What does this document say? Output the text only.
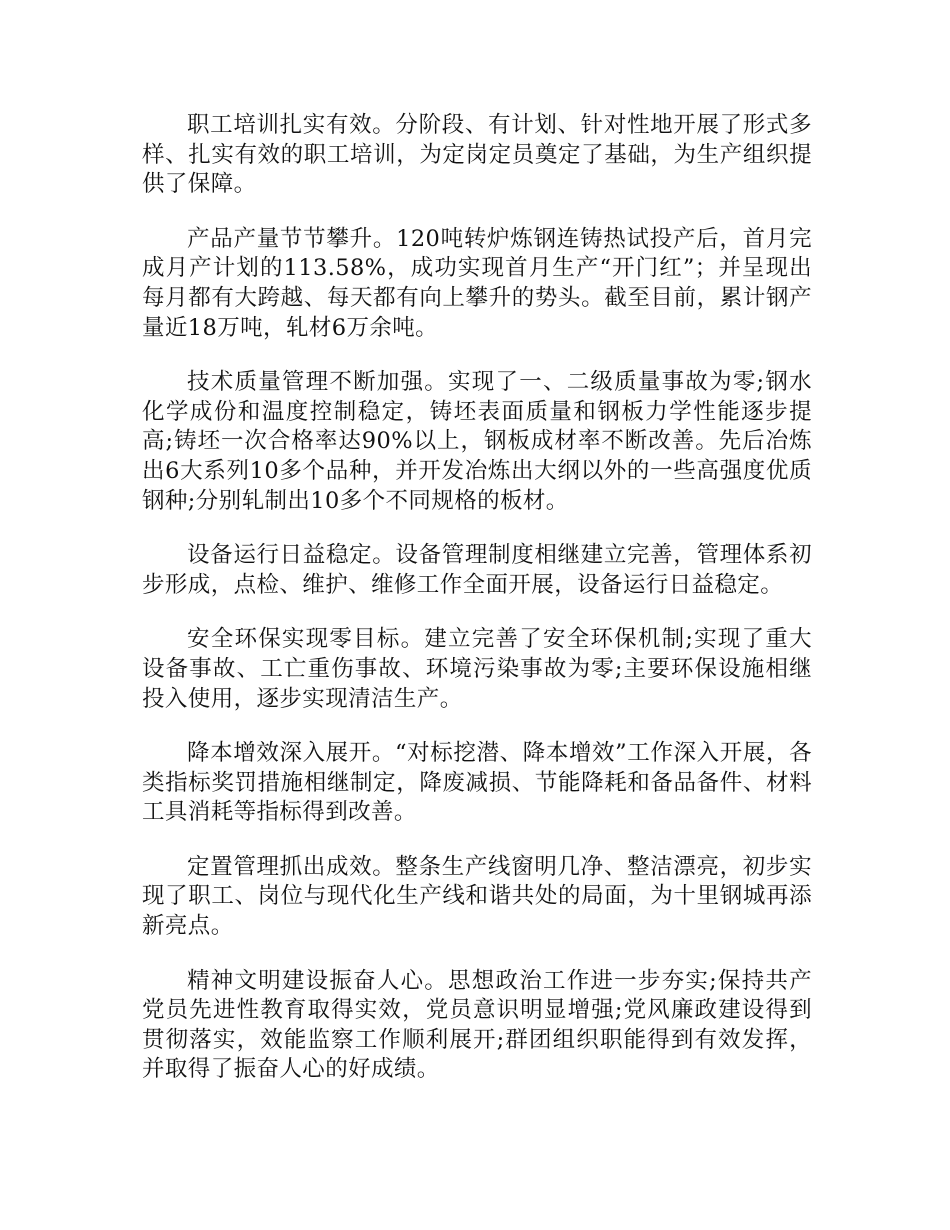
职工培训扎实有效。分阶段、有计划、针对性地开展了形式多样、扎实有效的职工培训，为定岗定员奠定了基础，为生产组织提供了保障。

产品产量节节攀升。120吨转炉炼钢连铸热试投产后，首月完成月产计划的113.58%，成功实现首月生产“开门红”；并呈现出每月都有大跨越、每天都有向上攀升的势头。截至目前，累计钢产量近18万吨，轧材6万余吨。

技术质量管理不断加强。实现了一、二级质量事故为零;钢水化学成份和温度控制稳定，铸坯表面质量和钢板力学性能逐步提高;铸坯一次合格率达90%以上，钢板成材率不断改善。先后冶炼出6大系列10多个品种，并开发冶炼出大纲以外的一些高强度优质钢种;分别轧制出10多个不同规格的板材。

设备运行日益稳定。设备管理制度相继建立完善，管理体系初步形成，点检、维护、维修工作全面开展，设备运行日益稳定。

安全环保实现零目标。建立完善了安全环保机制;实现了重大设备事故、工亡重伤事故、环境污染事故为零;主要环保设施相继投入使用，逐步实现清洁生产。

降本增效深入展开。“对标挖潜、降本增效”工作深入开展，各类指标奖罚措施相继制定，降废减损、节能降耗和备品备件、材料工具消耗等指标得到改善。

定置管理抓出成效。整条生产线窗明几净、整洁漂亮，初步实现了职工、岗位与现代化生产线和谐共处的局面，为十里钢城再添新亮点。

精神文明建设振奋人心。思想政治工作进一步夯实;保持共产党员先进性教育取得实效，党员意识明显增强;党风廉政建设得到贯彻落实，效能监察工作顺利展开;群团组织职能得到有效发挥，并取得了振奋人心的好成绩。
